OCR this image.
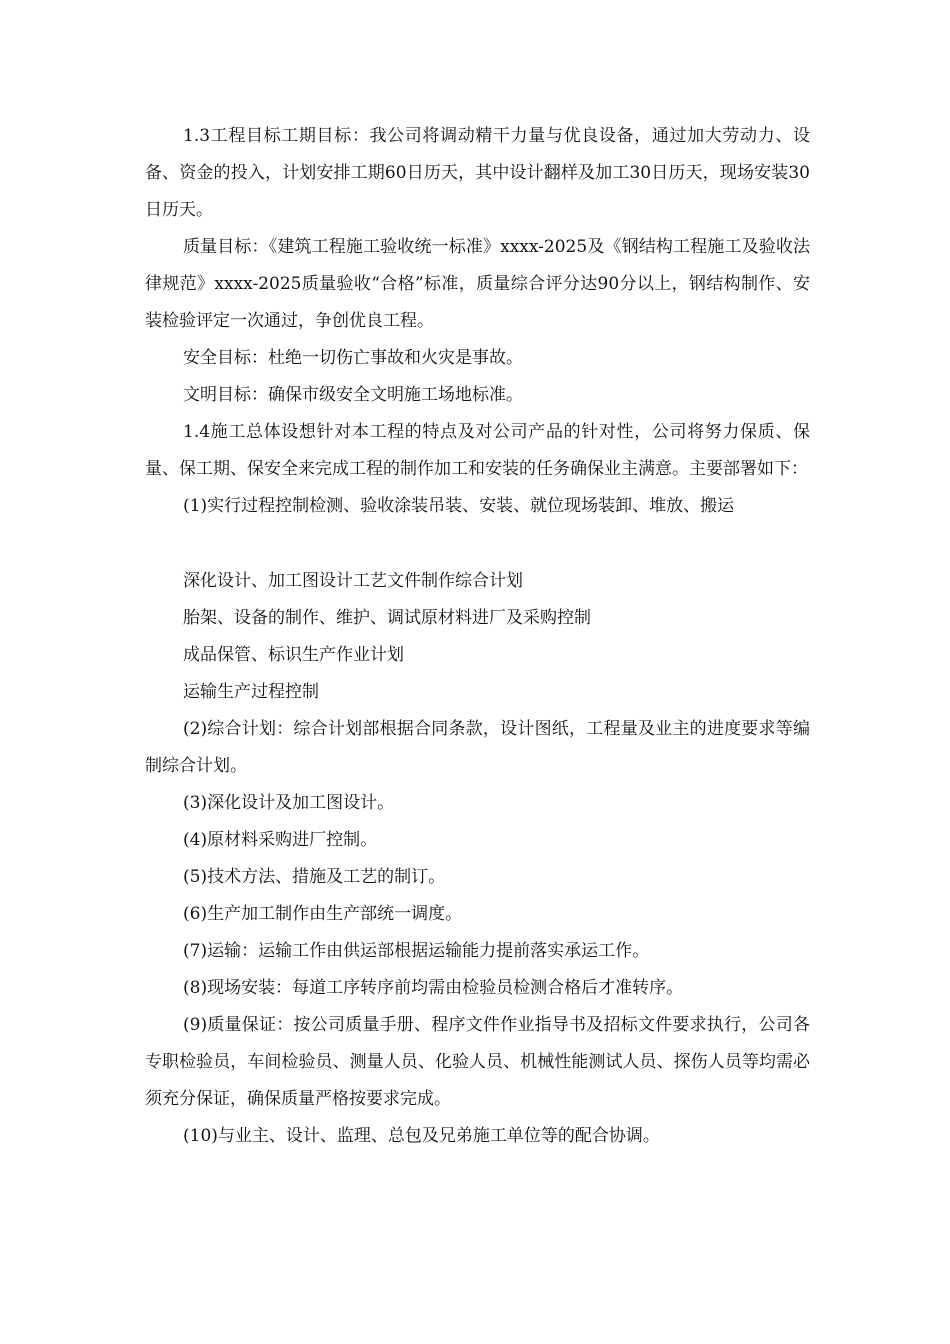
1.3工程目标工期目标：我公司将调动精干力量与优良设备，通过加大劳动力、设备、资金的投入，计划安排工期60日历天，其中设计翻样及加工30日历天，现场安装30日历天。

质量目标：《建筑工程施工验收统一标准》xxxx-2025及《钢结构工程施工及验收法律规范》xxxx-2025质量验收“合格”标准，质量综合评分达90分以上，钢结构制作、安装检验评定一次通过，争创优良工程。

安全目标：杜绝一切伤亡事故和火灾是事故。

文明目标：确保市级安全文明施工场地标准。

1.4施工总体设想针对本工程的特点及对公司产品的针对性，公司将努力保质、保量、保工期、保安全来完成工程的制作加工和安装的任务确保业主满意。主要部署如下：

(1)实行过程控制检测、验收涂装吊装、安装、就位现场装卸、堆放、搬运

深化设计、加工图设计工艺文件制作综合计划

胎架、设备的制作、维护、调试原材料进厂及采购控制

成品保管、标识生产作业计划

运输生产过程控制

(2)综合计划：综合计划部根据合同条款，设计图纸，工程量及业主的进度要求等编制综合计划。

(3)深化设计及加工图设计。

(4)原材料采购进厂控制。

(5)技术方法、措施及工艺的制订。

(6)生产加工制作由生产部统一调度。

(7)运输：运输工作由供运部根据运输能力提前落实承运工作。

(8)现场安装：每道工序转序前均需由检验员检测合格后才准转序。

(9)质量保证：按公司质量手册、程序文件作业指导书及招标文件要求执行，公司各专职检验员，车间检验员、测量人员、化验人员、机械性能测试人员、探伤人员等均需必须充分保证，确保质量严格按要求完成。

(10)与业主、设计、监理、总包及兄弟施工单位等的配合协调。
